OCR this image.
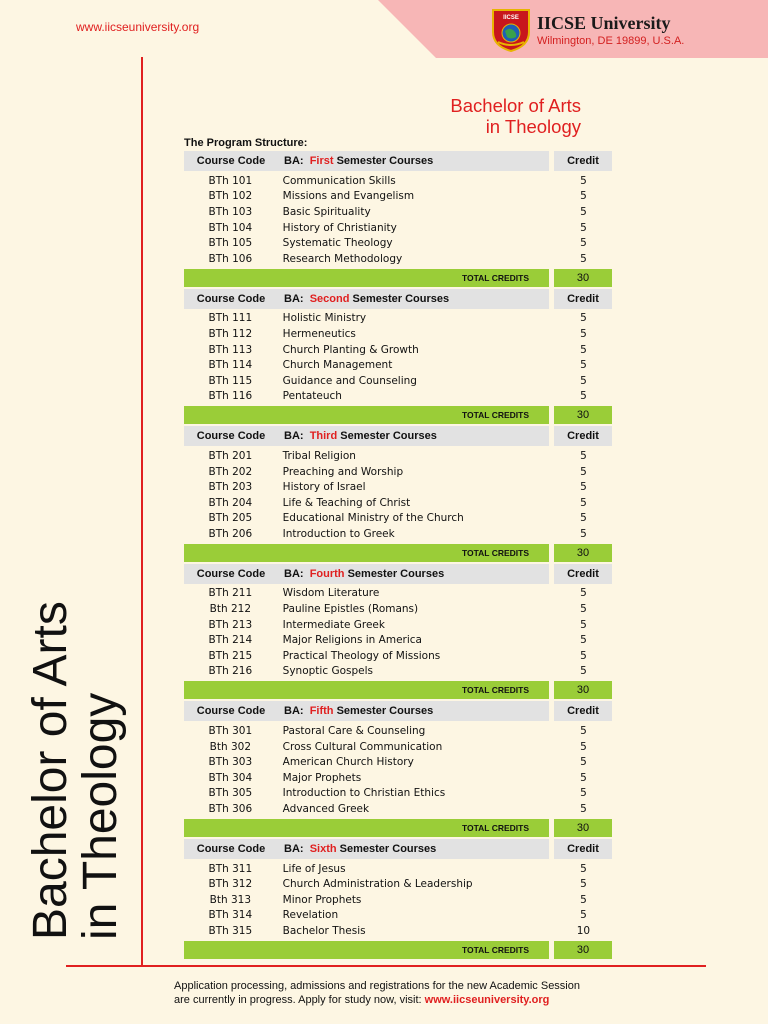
www.iicseuniversity.org
IICSE IICSE University
Wilmington, DE 19899, U.S.A.
Bachelor of Arts
in Theology
Bachelor of Arts
in Theology
The Program Structure:
Course Code	BA: First Semester Courses	Credit
BTh 101	Communication Skills	5
BTh 102	Missions and Evangelism	5
BTh 103	Basic Spirituality	5
BTh 104	History of Christianity	5
BTh 105	Systematic Theology	5
BTh 106	Research Methodology	5
TOTAL CREDITS	30
Course Code	BA: Second Semester Courses	Credit
BTh 111	Holistic Ministry	5
BTh 112	Hermeneutics	5
BTh 113	Church Planting & Growth	5
BTh 114	Church Management	5
BTh 115	Guidance and Counseling	5
BTh 116	Pentateuch	5
TOTAL CREDITS	30
Course Code	BA: Third Semester Courses	Credit
BTh 201	Tribal Religion	5
BTh 202	Preaching and Worship	5
BTh 203	History of Israel	5
BTh 204	Life & Teaching of Christ	5
BTh 205	Educational Ministry of the Church	5
BTh 206	Introduction to Greek	5
TOTAL CREDITS	30
Course Code	BA: Fourth Semester Courses	Credit
BTh 211	Wisdom Literature	5
Bth 212	Pauline Epistles (Romans)	5
BTh 213	Intermediate Greek	5
BTh 214	Major Religions in America	5
BTh 215	Practical Theology of Missions	5
BTh 216	Synoptic Gospels	5
TOTAL CREDITS	30
Course Code	BA: Fifth Semester Courses	Credit
BTh 301	Pastoral Care & Counseling	5
Bth 302	Cross Cultural Communication	5
BTh 303	American Church History	5
BTh 304	Major Prophets	5
BTh 305	Introduction to Christian Ethics	5
BTh 306	Advanced Greek	5
TOTAL CREDITS	30
Course Code	BA: Sixth Semester Courses	Credit
BTh 311	Life of Jesus	5
BTh 312	Church Administration & Leadership	5
Bth 313	Minor Prophets	5
BTh 314	Revelation	5
BTh 315	Bachelor Thesis	10
TOTAL CREDITS	30
Application processing, admissions and registrations for the new Academic Session
are currently in progress. Apply for study now, visit: www.iicseuniversity.org
